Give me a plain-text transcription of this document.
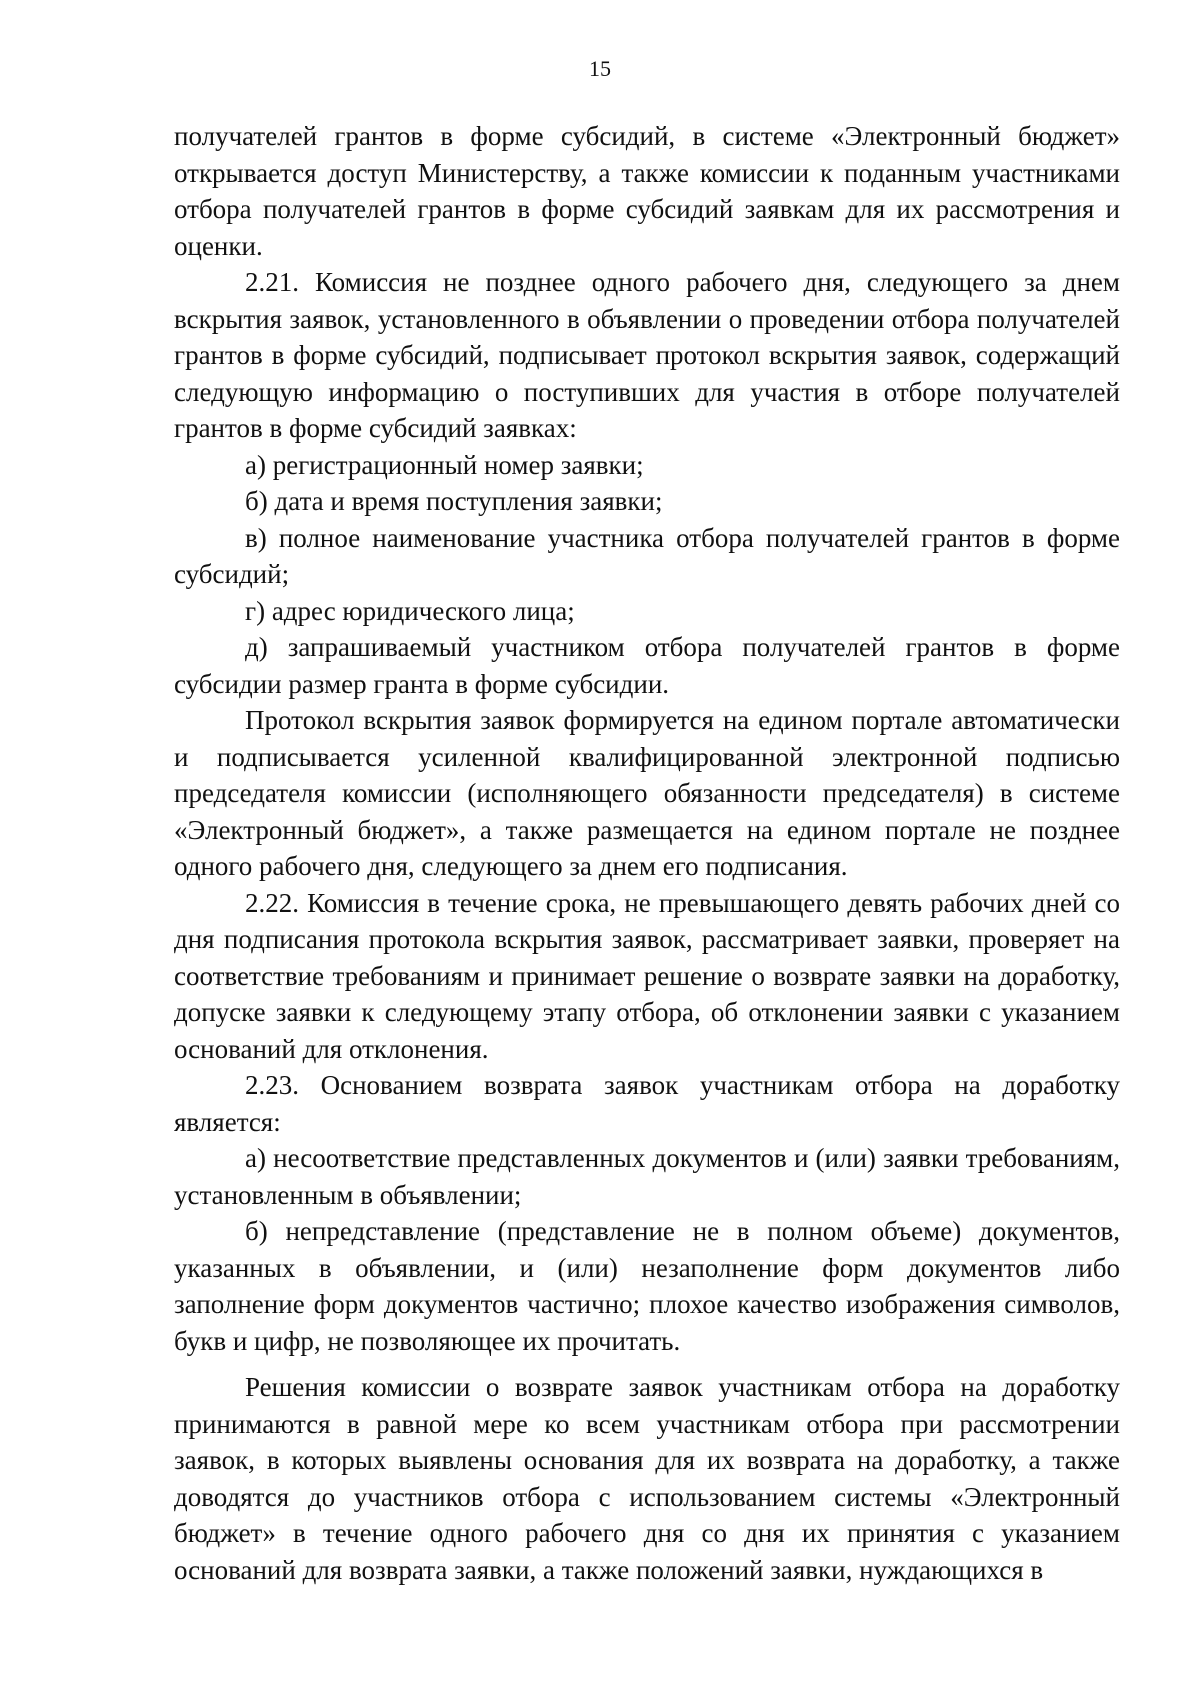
15

получателей грантов в форме субсидий, в системе «Электронный бюджет» открывается доступ Министерству, а также комиссии к поданным участниками отбора получателей грантов в форме субсидий заявкам для их рассмотрения и оценки.

2.21. Комиссия не позднее одного рабочего дня, следующего за днем вскрытия заявок, установленного в объявлении о проведении отбора получателей грантов в форме субсидий, подписывает протокол вскрытия заявок, содержащий следующую информацию о поступивших для участия в отборе получателей грантов в форме субсидий заявках:

а) регистрационный номер заявки;

б) дата и время поступления заявки;

в) полное наименование участника отбора получателей грантов в форме субсидий;

г) адрес юридического лица;

д) запрашиваемый участником отбора получателей грантов в форме субсидии размер гранта в форме субсидии.

Протокол вскрытия заявок формируется на едином портале автоматически и подписывается усиленной квалифицированной электронной подписью председателя комиссии (исполняющего обязанности председателя) в системе «Электронный бюджет», а также размещается на едином портале не позднее одного рабочего дня, следующего за днем его подписания.

2.22. Комиссия в течение срока, не превышающего девять рабочих дней со дня подписания протокола вскрытия заявок, рассматривает заявки, проверяет на соответствие требованиям и принимает решение о возврате заявки на доработку, допуске заявки к следующему этапу отбора, об отклонении заявки с указанием оснований для отклонения.

2.23. Основанием возврата заявок участникам отбора на доработку является:

а) несоответствие представленных документов и (или) заявки требованиям, установленным в объявлении;

б) непредставление (представление не в полном объеме) документов, указанных в объявлении, и (или) незаполнение форм документов либо заполнение форм документов частично; плохое качество изображения символов, букв и цифр, не позволяющее их прочитать.

Решения комиссии о возврате заявок участникам отбора на доработку принимаются в равной мере ко всем участникам отбора при рассмотрении заявок, в которых выявлены основания для их возврата на доработку, а также доводятся до участников отбора с использованием системы «Электронный бюджет» в течение одного рабочего дня со дня их принятия с указанием оснований для возврата заявки, а также положений заявки, нуждающихся в
